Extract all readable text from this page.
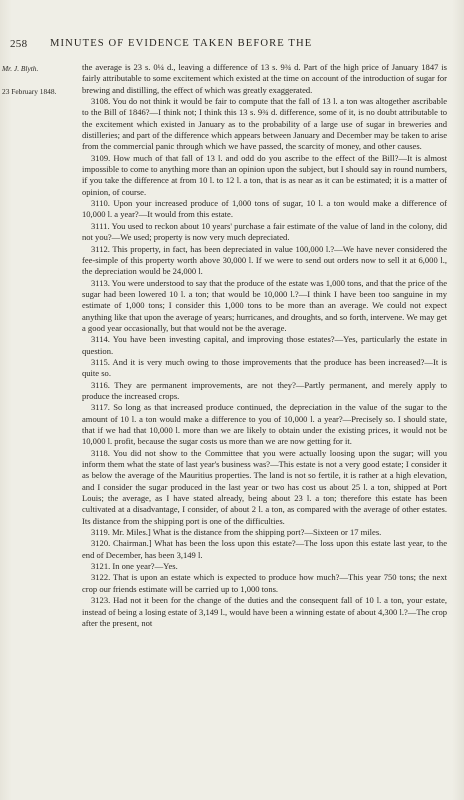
258 MINUTES OF EVIDENCE TAKEN BEFORE THE
Mr. J. Blyth.
23 February 1848.

the average is 23 s. 0¼ d., leaving a difference of 13 s. 9¾ d. Part of the high price of January 1847 is fairly attributable to some excitement which existed at the time on account of the introduction of sugar for brewing and distilling, the effect of which was greatly exaggerated.

3108. You do not think it would be fair to compute that the fall of 13 l. a ton was altogether ascribable to the Bill of 1846?—I think not; I think this 13 s. 9¾ d. difference, some of it, is no doubt attributable to the excitement which existed in January as to the probability of a large use of sugar in breweries and distilleries; and part of the difference which appears between January and December may be taken to arise from the commercial panic through which we have passed, the scarcity of money, and other causes.

3109. How much of that fall of 13 l. and odd do you ascribe to the effect of the Bill?—It is almost impossible to come to anything more than an opinion upon the subject, but I should say in round numbers, if you take the difference at from 10 l. to 12 l. a ton, that is as near as it can be estimated; it is a matter of opinion, of course.

3110. Upon your increased produce of 1,000 tons of sugar, 10 l. a ton would make a difference of 10,000 l. a year?—It would from this estate.

3111. You used to reckon about 10 years' purchase a fair estimate of the value of land in the colony, did not you?—We used; property is now very much depreciated.

3112. This property, in fact, has been depreciated in value 100,000 l.?—We have never considered the fee-simple of this property worth above 30,000 l. If we were to send out orders now to sell it at 6,000 l., the depreciation would be 24,000 l.

3113. You were understood to say that the produce of the estate was 1,000 tons, and that the price of the sugar had been lowered 10 l. a ton; that would be 10,000 l.?—I think I have been too sanguine in my estimate of 1,000 tons; I consider this 1,000 tons to be more than an average. We could not expect anything like that upon the average of years; hurricanes, and droughts, and so forth, intervene. We may get a good year occasionally, but that would not be the average.

3114. You have been investing capital, and improving those estates?—Yes, particularly the estate in question.

3115. And it is very much owing to those improvements that the produce has been increased?—It is quite so.

3116. They are permanent improvements, are not they?—Partly permanent, and merely apply to produce the increased crops.

3117. So long as that increased produce continued, the depreciation in the value of the sugar to the amount of 10 l. a ton would make a difference to you of 10,000 l. a year?—Precisely so. I should state, that if we had that 10,000 l. more than we are likely to obtain under the existing prices, it would not be 10,000 l. profit, because the sugar costs us more than we are now getting for it.

3118. You did not show to the Committee that you were actually loosing upon the sugar; will you inform them what the state of last year's business was?—This estate is not a very good estate; I consider it as below the average of the Mauritius properties. The land is not so fertile, it is rather at a high elevation, and I consider the sugar produced in the last year or two has cost us about 25 l. a ton, shipped at Port Louis; the average, as I have stated already, being about 23 l. a ton; therefore this estate has been cultivated at a disadvantage, I consider, of about 2 l. a ton, as compared with the average of other estates. Its distance from the shipping port is one of the difficulties.

3119. Mr. Miles.] What is the distance from the shipping port?—Sixteen or 17 miles.

3120. Chairman.] What has been the loss upon this estate?—The loss upon this estate last year, to the end of December, has been 3,149 l.

3121. In one year?—Yes.

3122. That is upon an estate which is expected to produce how much?—This year 750 tons; the next crop our friends estimate will be carried up to 1,000 tons.

3123. Had not it been for the change of the duties and the consequent fall of 10 l. a ton, your estate, instead of being a losing estate of 3,149 l., would have been a winning estate of about 4,300 l.?—The crop after the present, not
